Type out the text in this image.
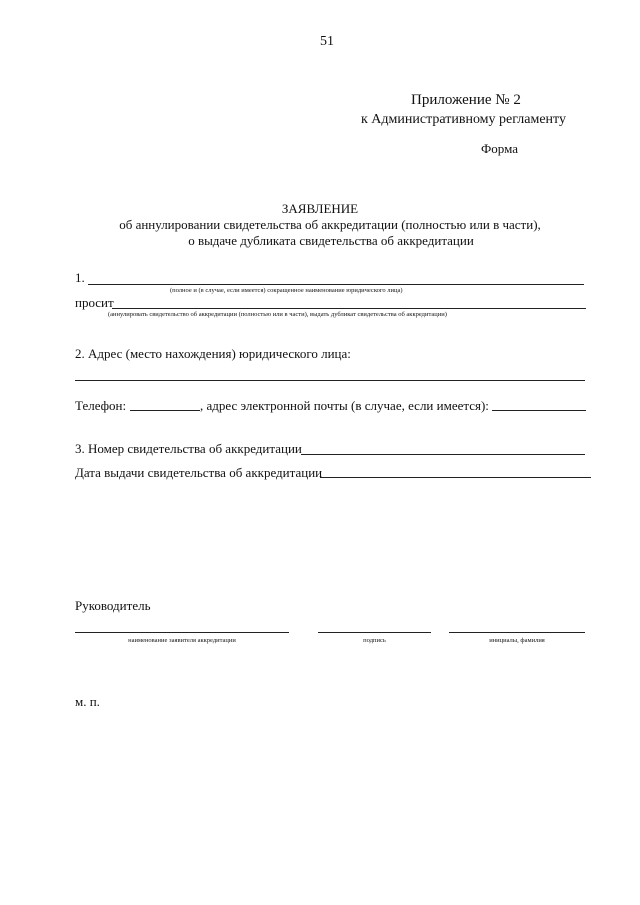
51
Приложение № 2
к Административному регламенту
Форма
ЗАЯВЛЕНИЕ
об аннулировании свидетельства об аккредитации (полностью или в части),
о выдаче дубликата свидетельства об аккредитации
1.
(полное и (в случае, если имеется) сокращенное наименование юридического лица)
просит
(аннулировать свидетельство об аккредитации (полностью или в части), выдать дубликат свидетельства об аккредитации)
2. Адрес (место нахождения) юридического лица:
Телефон:	, адрес электронной почты (в случае, если имеется):
3. Номер свидетельства об аккредитации
Дата выдачи свидетельства об аккредитации
Руководитель
наименование заявителя аккредитации	подпись	инициалы, фамилия
м. п.
